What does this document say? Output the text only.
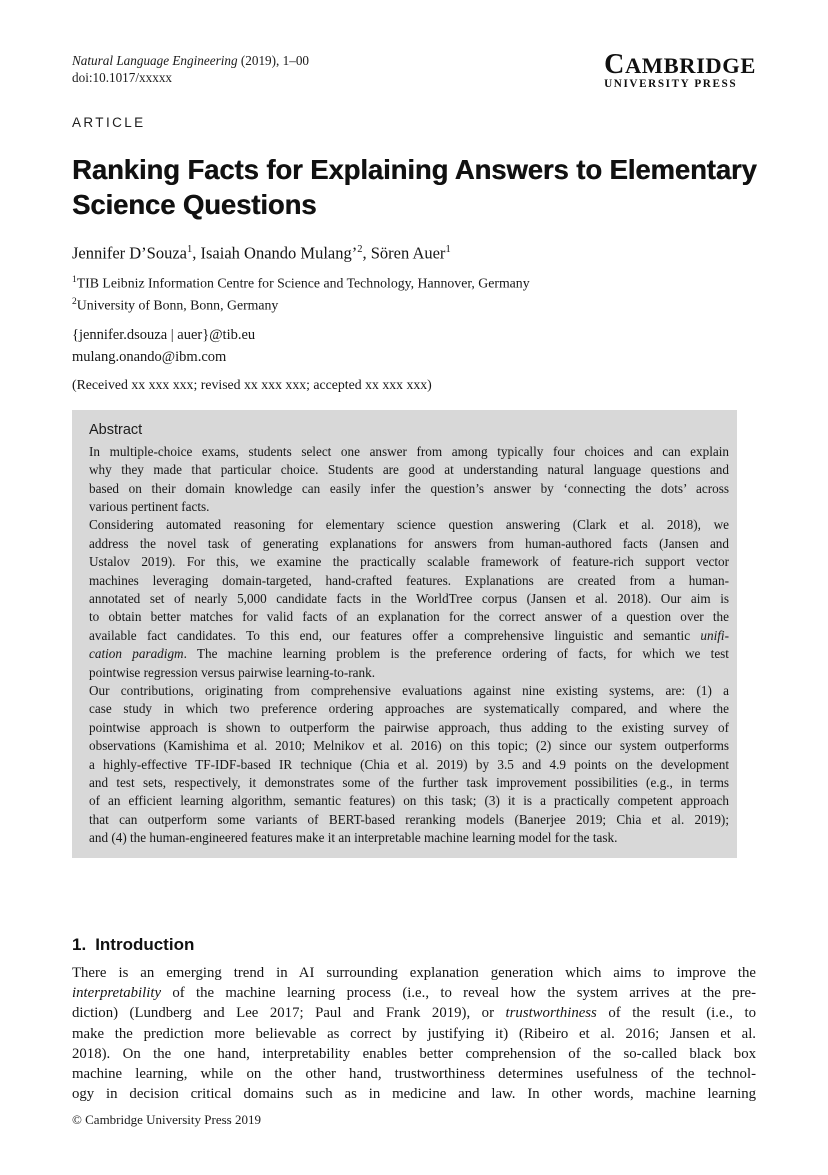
Natural Language Engineering (2019), 1–00
doi:10.1017/xxxxx	CAMBRIDGE
UNIVERSITY PRESS
ARTICLE
Ranking Facts for Explaining Answers to Elementary
Science Questions
Jennifer D’Souza$^1$, Isaiah Onando Mulang’$^2$, Sören Auer$^1$
$^1$TIB Leibniz Information Centre for Science and Technology, Hannover, Germany
$^2$University of Bonn, Bonn, Germany
{jennifer.dsouza | auer}@tib.eu
mulang.onando@ibm.com
(Received xx xxx xxx; revised xx xxx xxx; accepted xx xxx xxx)
Abstract
In multiple-choice exams, students select one answer from among typically four choices and can explain
why they made that particular choice. Students are good at understanding natural language questions and
based on their domain knowledge can easily infer the question’s answer by ‘connecting the dots’ across
various pertinent facts.
Considering automated reasoning for elementary science question answering (Clark et al. 2018), we
address the novel task of generating explanations for answers from human-authored facts (Jansen and
Ustalov 2019). For this, we examine the practically scalable framework of feature-rich support vector
machines leveraging domain-targeted, hand-crafted features. Explanations are created from a human-
annotated set of nearly 5,000 candidate facts in the WorldTree corpus (Jansen et al. 2018). Our aim is
to obtain better matches for valid facts of an explanation for the correct answer of a question over the
available fact candidates. To this end, our features offer a comprehensive linguistic and semantic unifi-
cation paradigm. The machine learning problem is the preference ordering of facts, for which we test
pointwise regression versus pairwise learning-to-rank.
Our contributions, originating from comprehensive evaluations against nine existing systems, are: (1) a
case study in which two preference ordering approaches are systematically compared, and where the
pointwise approach is shown to outperform the pairwise approach, thus adding to the existing survey of
observations (Kamishima et al. 2010; Melnikov et al. 2016) on this topic; (2) since our system outperforms
a highly-effective TF-IDF-based IR technique (Chia et al. 2019) by 3.5 and 4.9 points on the development
and test sets, respectively, it demonstrates some of the further task improvement possibilities (e.g., in terms
of an efficient learning algorithm, semantic features) on this task; (3) it is a practically competent approach
that can outperform some variants of BERT-based reranking models (Banerjee 2019; Chia et al. 2019);
and (4) the human-engineered features make it an interpretable machine learning model for the task.
1. Introduction
There is an emerging trend in AI surrounding explanation generation which aims to improve the
interpretability of the machine learning process (i.e., to reveal how the system arrives at the pre-
diction) (Lundberg and Lee 2017; Paul and Frank 2019), or trustworthiness of the result (i.e., to
make the prediction more believable as correct by justifying it) (Ribeiro et al. 2016; Jansen et al.
2018). On the one hand, interpretability enables better comprehension of the so-called black box
machine learning, while on the other hand, trustworthiness determines usefulness of the technol-
ogy in decision critical domains such as in medicine and law. In other words, machine learning
© Cambridge University Press 2019
